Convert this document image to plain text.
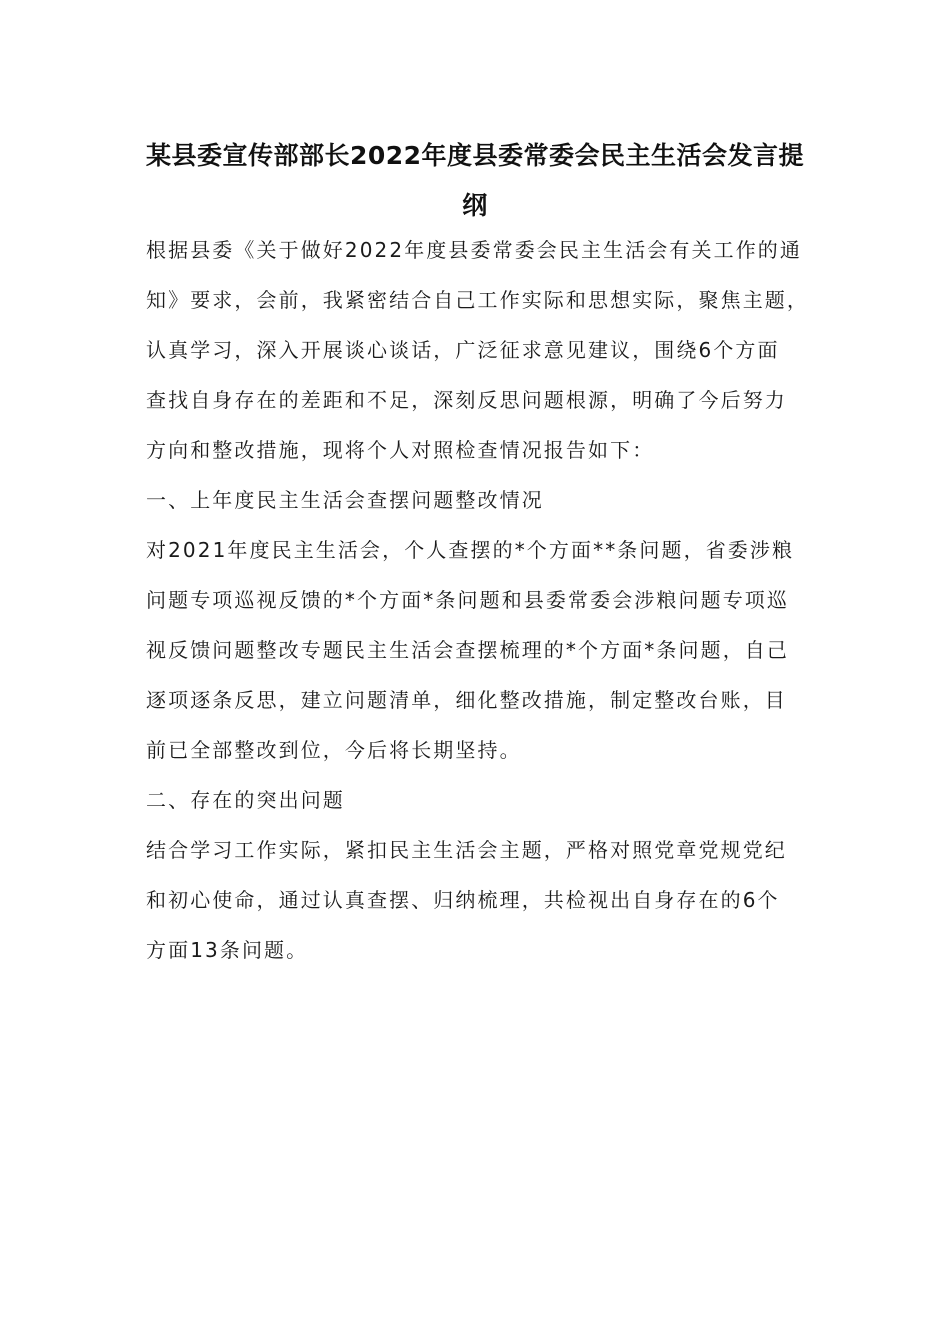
某县委宣传部部长2022年度县委常委会民主生活会发言提
纲
根据县委《关于做好2022年度县委常委会民主生活会有关工作的通
知》要求，会前，我紧密结合自己工作实际和思想实际，聚焦主题，
认真学习，深入开展谈心谈话，广泛征求意见建议，围绕6个方面
查找自身存在的差距和不足，深刻反思问题根源，明确了今后努力
方向和整改措施，现将个人对照检查情况报告如下：
一、上年度民主生活会查摆问题整改情况
对2021年度民主生活会，个人查摆的*个方面**条问题，省委涉粮
问题专项巡视反馈的*个方面*条问题和县委常委会涉粮问题专项巡
视反馈问题整改专题民主生活会查摆梳理的*个方面*条问题，自己
逐项逐条反思，建立问题清单，细化整改措施，制定整改台账，目
前已全部整改到位，今后将长期坚持。
二、存在的突出问题
结合学习工作实际，紧扣民主生活会主题，严格对照党章党规党纪
和初心使命，通过认真查摆、归纳梳理，共检视出自身存在的6个
方面13条问题。
